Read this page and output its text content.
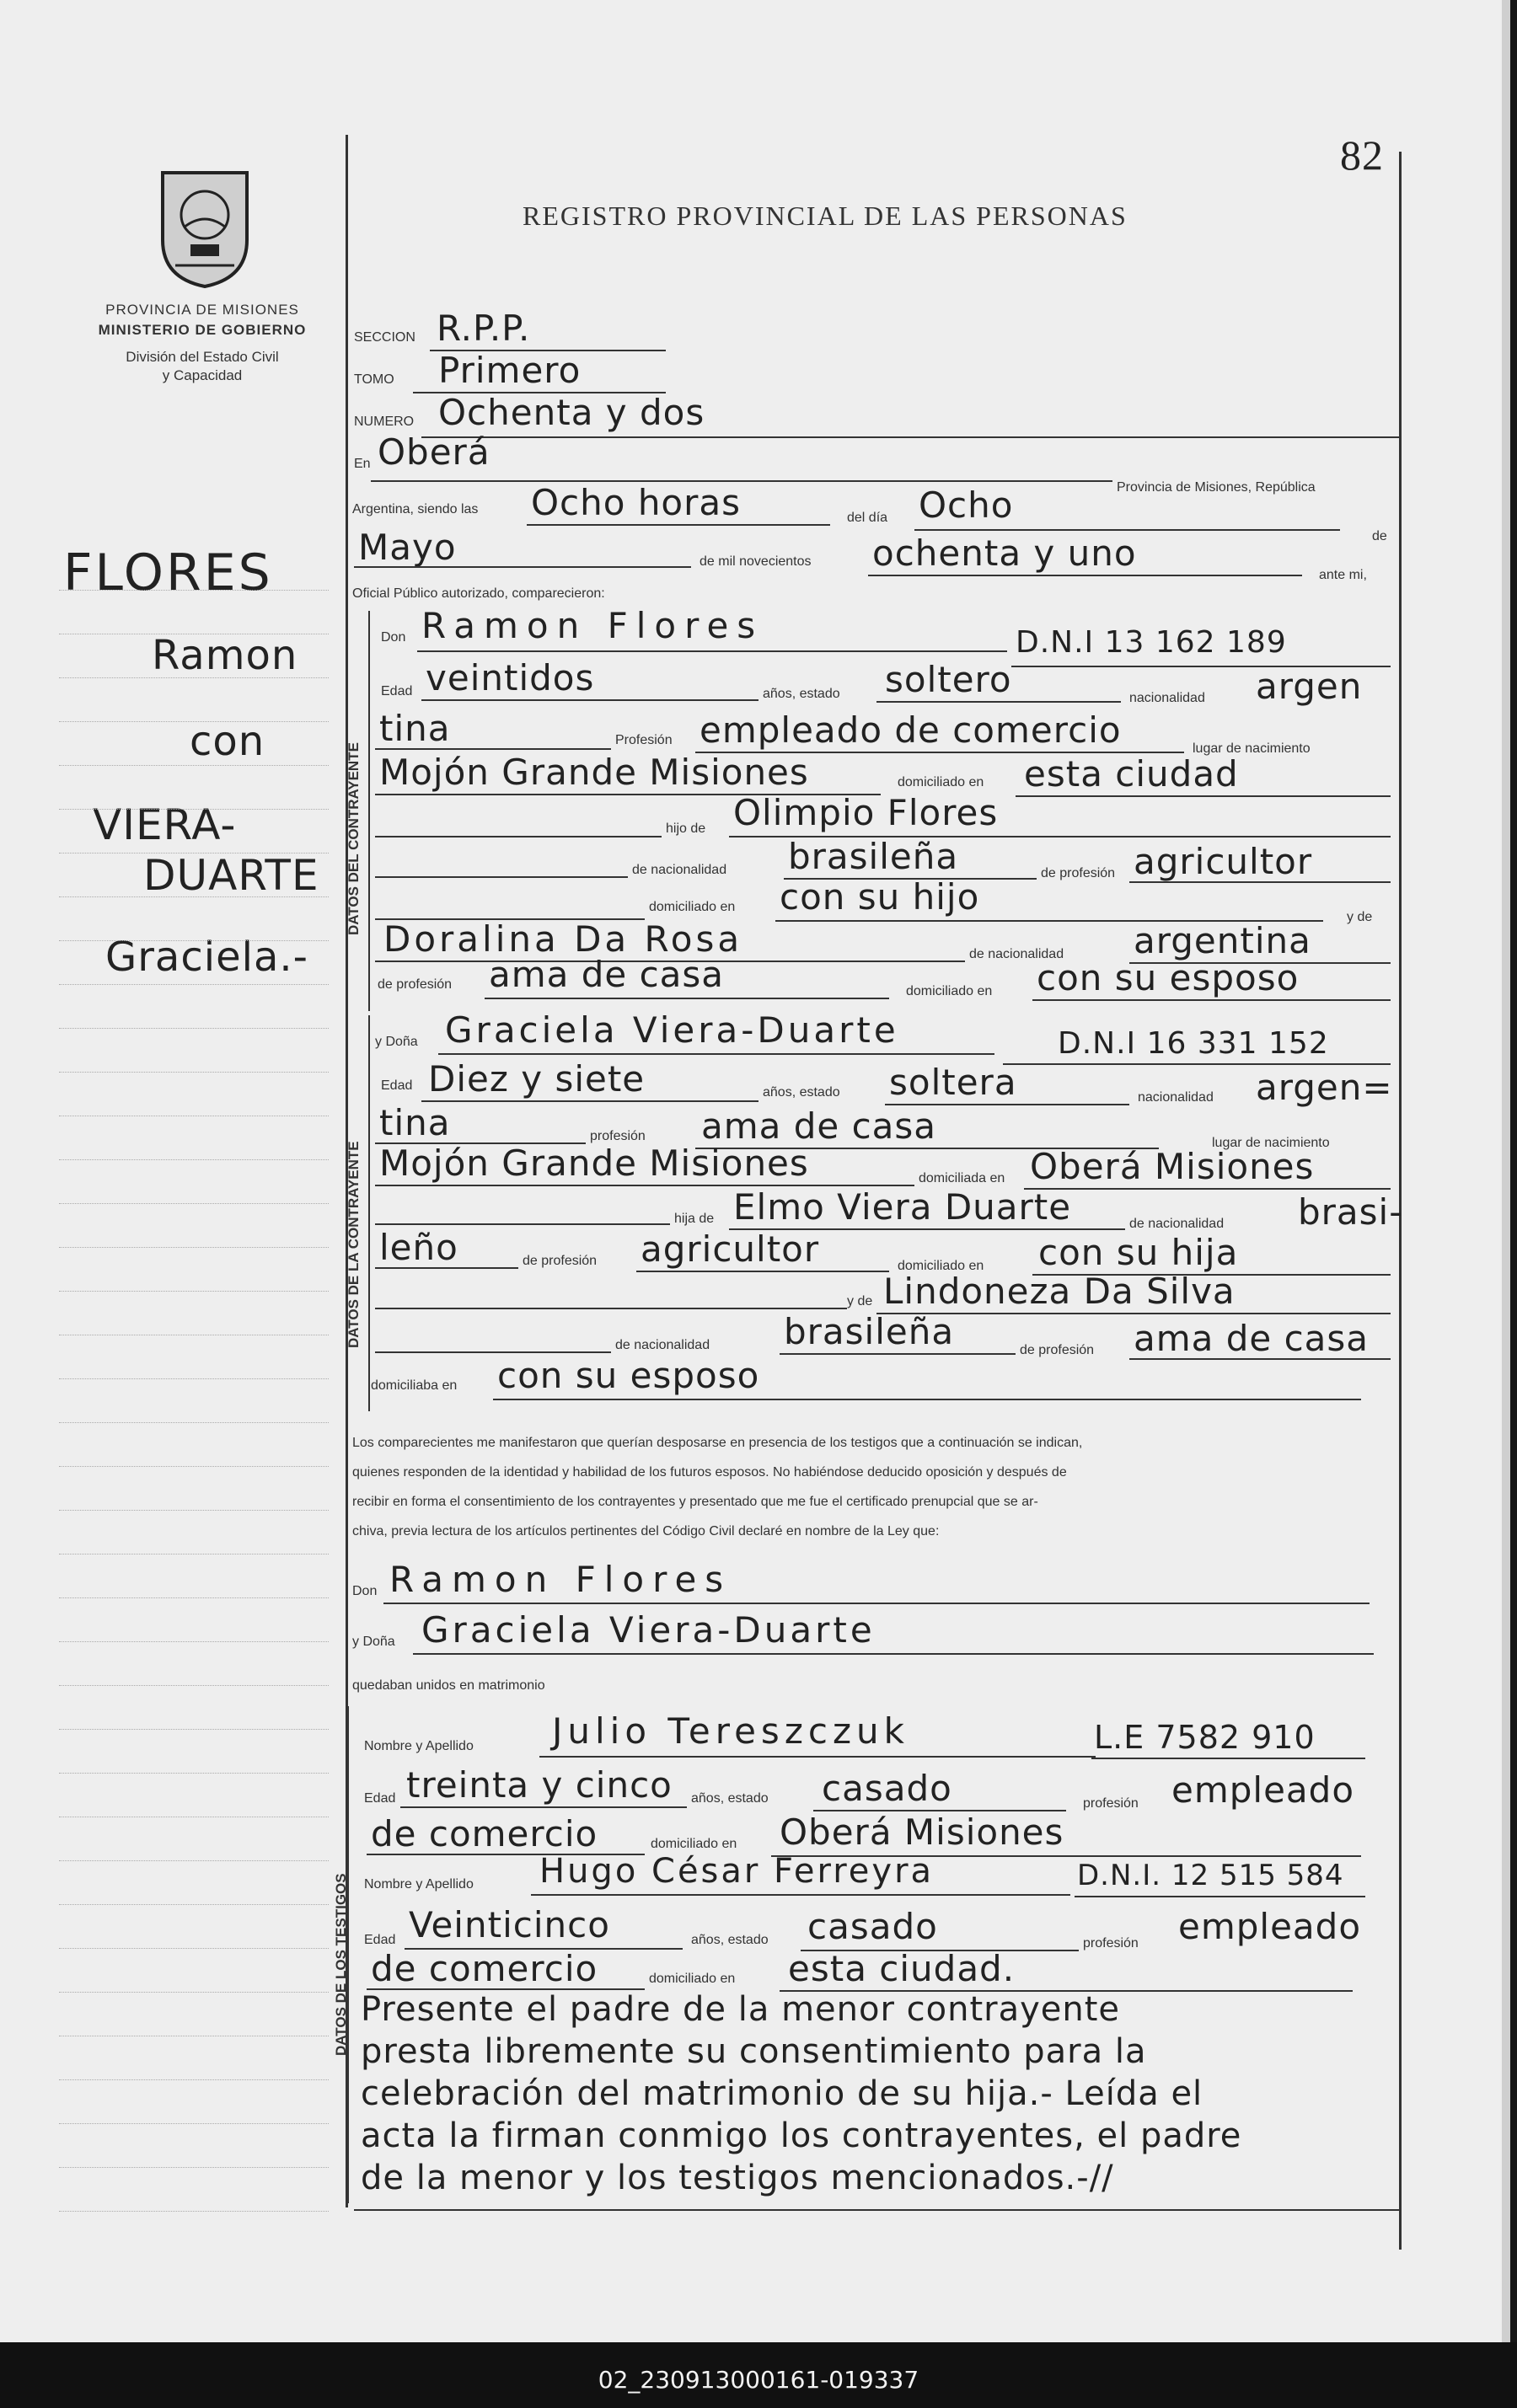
82
PROVINCIA DE MISIONES
MINISTERIO DE GOBIERNO
División del Estado Civil
y Capacidad
REGISTRO PROVINCIAL DE LAS PERSONAS
FLORES
Ramon
con
VIERA-
DUARTE
Graciela.-
SECCION R.P.P.
TOMO Primero
NUMERO Ochenta y dos
En Oberá
Provincia de Misiones, República
Argentina, siendo las Ocho horas	del día Ocho
de
Mayo	de mil novecientos ochenta y uno
ante mi,
Oficial Público autorizado, comparecieron:
DATOS DEL CONTRAYENTE
Don Ramon Flores	D.N.I 13 162 189
Edad veintidos	años, estado soltero	nacionalidad argen
tina	Profesión empleado de comercio	lugar de nacimiento
Mojón Grande Misiones	domiciliado en esta ciudad
hijo de Olimpio Flores
de nacionalidad brasileña	de profesión agricultor
domiciliado en con su hijo	y de
Doralina Da Rosa	de nacionalidad argentina
de profesión ama de casa	domiciliado en con su esposo
DATOS DE LA CONTRAYENTE
y Doña Graciela Viera-Duarte	D.N.I 16 331 152
Edad Diez y siete	años, estado soltera	nacionalidad argen=
tina	profesión ama de casa	lugar de nacimiento
Mojón Grande Misiones	domiciliada en Oberá Misiones
hija de Elmo Viera Duarte	de nacionalidad brasi-
leño	de profesión agricultor	domiciliado en con su hija
y de Lindoneza Da Silva
de nacionalidad brasileña	de profesión ama de casa
domiciliaba en con su esposo
Los comparecientes me manifestaron que querían desposarse en presencia de los testigos que a continuación se indican,
quienes responden de la identidad y habilidad de los futuros esposos. No habiéndose deducido oposición y después de
recibir en forma el consentimiento de los contrayentes y presentado que me fue el certificado prenupcial que se ar-
chiva, previa lectura de los artículos pertinentes del Código Civil declaré en nombre de la Ley que:
Don Ramon Flores
y Doña Graciela Viera-Duarte
quedaban unidos en matrimonio
DATOS DE LOS TESTIGOS
Nombre y Apellido Julio Tereszczuk	L.E 7582 910
Edad treinta y cinco años, estado casado	profesión empleado
de comercio	domiciliado en Oberá Misiones
Nombre y Apellido Hugo César Ferreyra	D.N.I. 12 515 584
Edad Veinticinco	años, estado casado	profesión empleado
de comercio	domiciliado en esta ciudad.
Presente el padre de la menor contrayente
presta libremente su consentimiento para la
celebración del matrimonio de su hija.- Leída el
acta la firman conmigo los contrayentes, el padre
de la menor y los testigos mencionados.-//
02_230913000161-019337
